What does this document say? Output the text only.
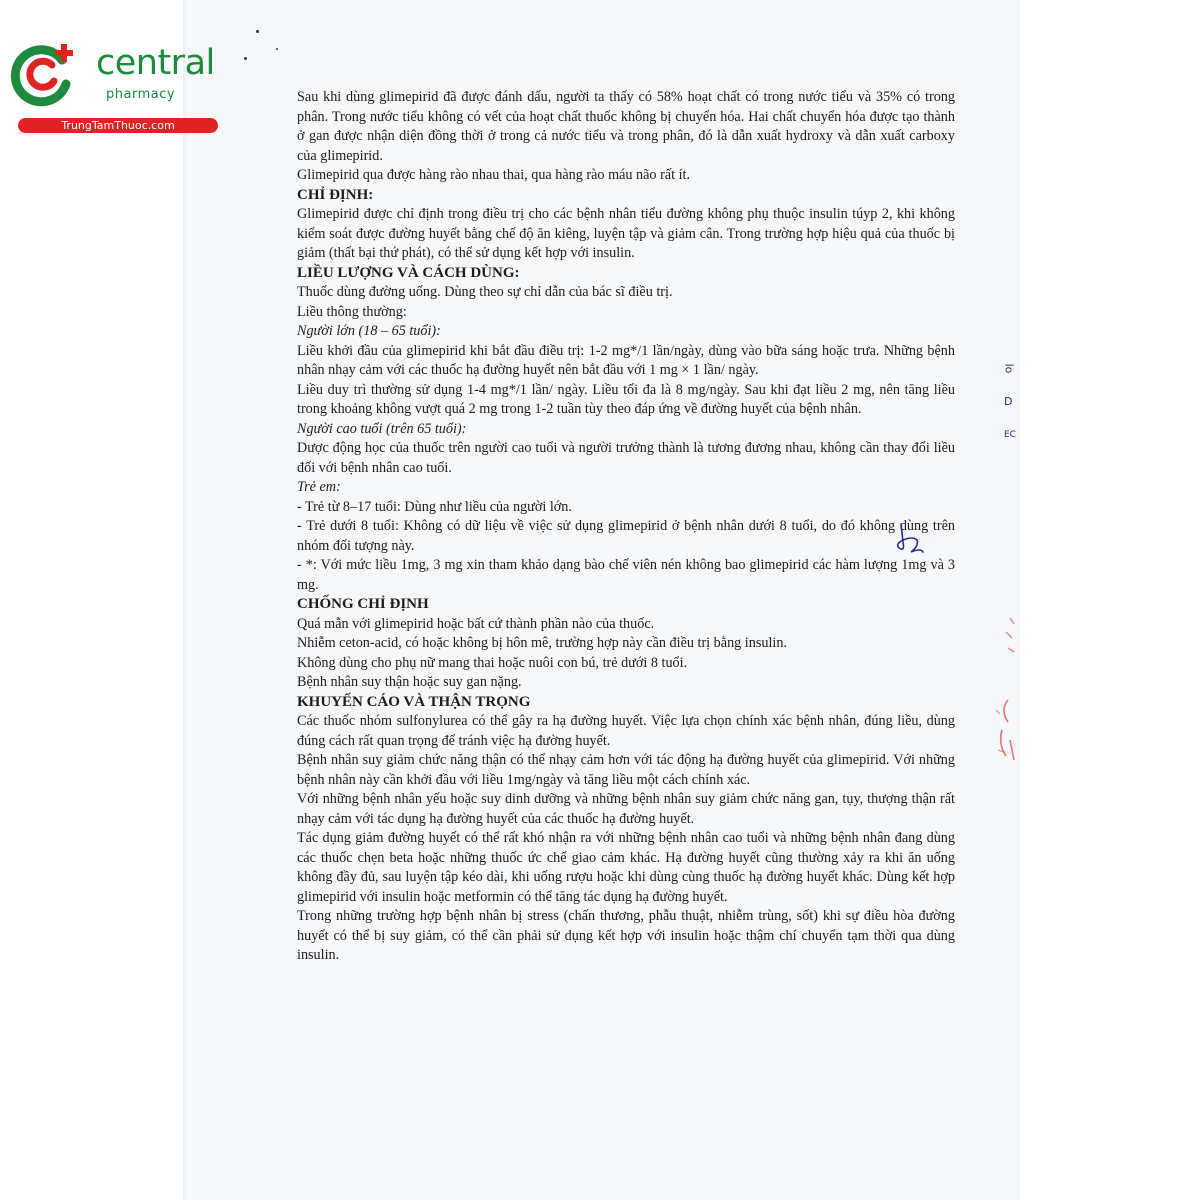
central
pharmacy
TrungTamThuoc.com

Sau khi dùng glimepirid đã được đánh dấu, người ta thấy có 58% hoạt chất có trong nước tiểu và 35% có trong phân. Trong nước tiểu không có vết của hoạt chất thuốc không bị chuyển hóa. Hai chất chuyển hóa được tạo thành ở gan được nhận diện đồng thời ở trong cả nước tiểu và trong phân, đó là dẫn xuất hydroxy và dẫn xuất carboxy của glimepirid.

Glimepirid qua được hàng rào nhau thai, qua hàng rào máu não rất ít.

CHỈ ĐỊNH:

Glimepirid được chỉ định trong điều trị cho các bệnh nhân tiểu đường không phụ thuộc insulin túyp 2, khi không kiểm soát được đường huyết bằng chế độ ăn kiêng, luyện tập và giảm cân. Trong trường hợp hiệu quả của thuốc bị giảm (thất bại thứ phát), có thể sử dụng kết hợp với insulin.

LIỀU LƯỢNG VÀ CÁCH DÙNG:

Thuốc dùng đường uống. Dùng theo sự chỉ dẫn của bác sĩ điều trị.

Liều thông thường:

Người lớn (18 – 65 tuổi):

Liều khởi đầu của glimepirid khi bắt đầu điều trị: 1-2 mg*/1 lần/ngày, dùng vào bữa sáng hoặc trưa. Những bệnh nhân nhạy cảm với các thuốc hạ đường huyết nên bắt đầu với 1 mg × 1 lần/ ngày.

Liều duy trì thường sử dụng 1-4 mg*/1 lần/ ngày. Liều tối đa là 8 mg/ngày. Sau khi đạt liều 2 mg, nên tăng liều trong khoảng không vượt quá 2 mg trong 1-2 tuần tùy theo đáp ứng về đường huyết của bệnh nhân.

Người cao tuổi (trên 65 tuổi):

Dược động học của thuốc trên người cao tuổi và người trưởng thành là tương đương nhau, không cần thay đổi liều đối với bệnh nhân cao tuổi.

Trẻ em:

- Trẻ từ 8–17 tuổi: Dùng như liều của người lớn.

- Trẻ dưới 8 tuổi: Không có dữ liệu về việc sử dụng glimepirid ở bệnh nhân dưới 8 tuổi, do đó không dùng trên nhóm đối tượng này.

- *: Với mức liều 1mg, 3 mg xin tham khảo dạng bào chế viên nén không bao glimepirid các hàm lượng 1mg và 3 mg.

CHỐNG CHỈ ĐỊNH

Quá mẫn với glimepirid hoặc bất cứ thành phần nào của thuốc.

Nhiễm ceton-acid, có hoặc không bị hôn mê, trường hợp này cần điều trị bằng insulin.

Không dùng cho phụ nữ mang thai hoặc nuôi con bú, trẻ dưới 8 tuổi.

Bệnh nhân suy thận hoặc suy gan nặng.

KHUYẾN CÁO VÀ THẬN TRỌNG

Các thuốc nhóm sulfonylurea có thể gây ra hạ đường huyết. Việc lựa chọn chính xác bệnh nhân, đúng liều, dùng đúng cách rất quan trọng để tránh việc hạ đường huyết.

Bệnh nhân suy giảm chức năng thận có thể nhạy cảm hơn với tác động hạ đường huyết của glimepirid. Với những bệnh nhân này cần khởi đầu với liều 1mg/ngày và tăng liều một cách chính xác.

Với những bệnh nhân yếu hoặc suy dinh dưỡng và những bệnh nhân suy giảm chức năng gan, tụy, thượng thận rất nhạy cảm với tác dụng hạ đường huyết của các thuốc hạ đường huyết.

Tác dụng giảm đường huyết có thể rất khó nhận ra với những bệnh nhân cao tuổi và những bệnh nhân đang dùng các thuốc chẹn beta hoặc những thuốc ức chế giao cảm khác. Hạ đường huyết cũng thường xảy ra khi ăn uống không đầy đủ, sau luyện tập kéo dài, khi uống rượu hoặc khi dùng cùng thuốc hạ đường huyết khác. Dùng kết hợp glimepirid với insulin hoặc metformin có thể tăng tác dụng hạ đường huyết.

Trong những trường hợp bệnh nhân bị stress (chấn thương, phẫu thuật, nhiễm trùng, sốt) khi sự điều hòa đường huyết có thể bị suy giảm, có thể cần phải sử dụng kết hợp với insulin hoặc thậm chí chuyển tạm thời qua dùng insulin.

lo
D
EC
